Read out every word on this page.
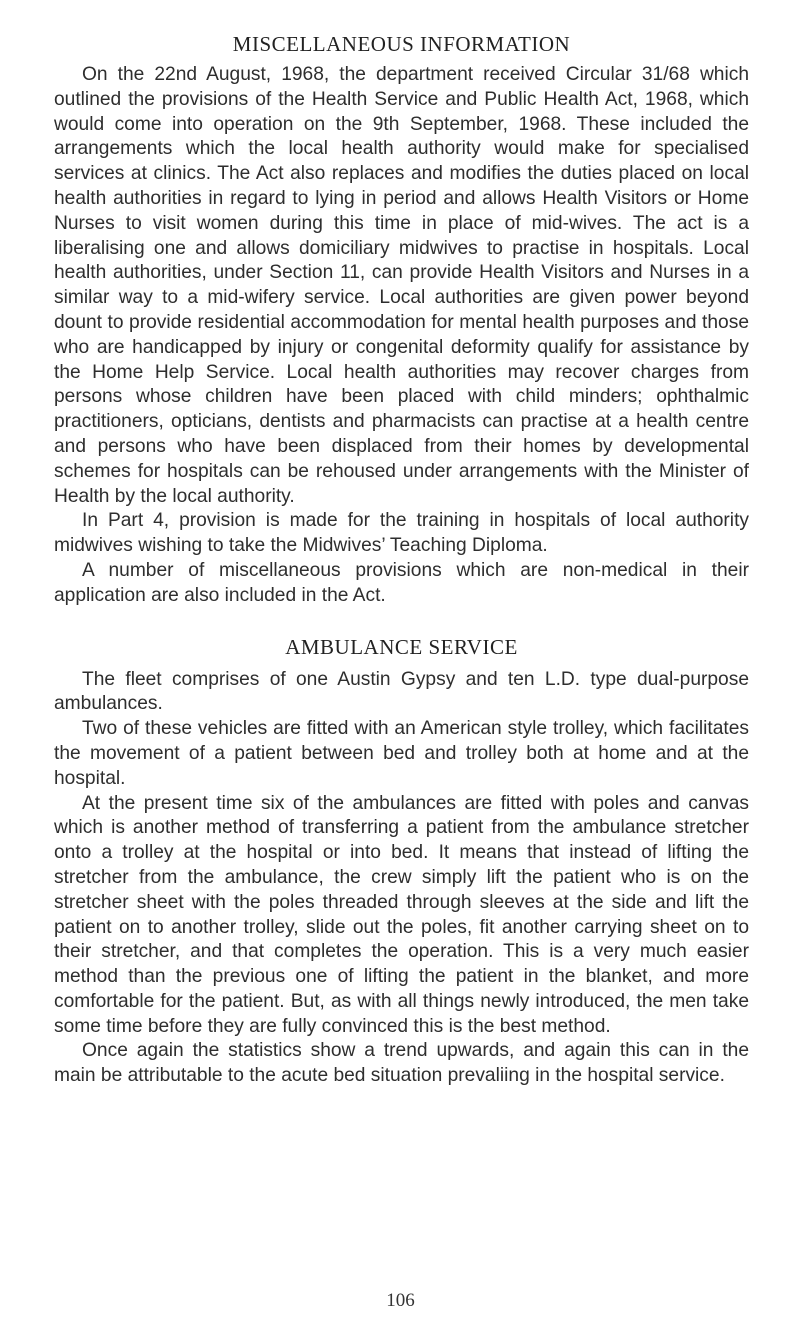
MISCELLANEOUS INFORMATION

On the 22nd August, 1968, the department received Circular 31/68 which outlined the provisions of the Health Service and Public Health Act, 1968, which would come into operation on the 9th September, 1968. These included the arrangements which the local health authority would make for specialised services at clinics. The Act also replaces and modifies the duties placed on local health authorities in regard to lying in period and allows Health Visitors or Home Nurses to visit women during this time in place of mid-wives. The act is a liberalising one and allows domiciliary midwives to practise in hospitals. Local health authorities, under Section 11, can provide Health Visitors and Nurses in a similar way to a mid-wifery service. Local authorities are given power beyond dount to provide residential accommodation for mental health purposes and those who are handicapped by injury or congenital deformity qualify for assistance by the Home Help Service. Local health authorities may recover charges from persons whose children have been placed with child minders; ophthalmic practitioners, opticians, dentists and pharmacists can practise at a health centre and persons who have been displaced from their homes by developmental schemes for hospitals can be rehoused under arrangements with the Minister of Health by the local authority.

In Part 4, provision is made for the training in hospitals of local authority midwives wishing to take the Midwives’ Teaching Diploma.

A number of miscellaneous provisions which are non-medical in their application are also included in the Act.

AMBULANCE SERVICE

The fleet comprises of one Austin Gypsy and ten L.D. type dual-purpose ambulances.

Two of these vehicles are fitted with an American style trolley, which facilitates the movement of a patient between bed and trolley both at home and at the hospital.

At the present time six of the ambulances are fitted with poles and canvas which is another method of transferring a patient from the ambulance stretcher onto a trolley at the hospital or into bed. It means that instead of lifting the stretcher from the ambulance, the crew simply lift the patient who is on the stretcher sheet with the poles threaded through sleeves at the side and lift the patient on to another trolley, slide out the poles, fit another carrying sheet on to their stretcher, and that completes the operation. This is a very much easier method than the previous one of lifting the patient in the blanket, and more comfortable for the patient. But, as with all things newly introduced, the men take some time before they are fully convinced this is the best method.

Once again the statistics show a trend upwards, and again this can in the main be attributable to the acute bed situation prevaliing in the hospital service.

106
